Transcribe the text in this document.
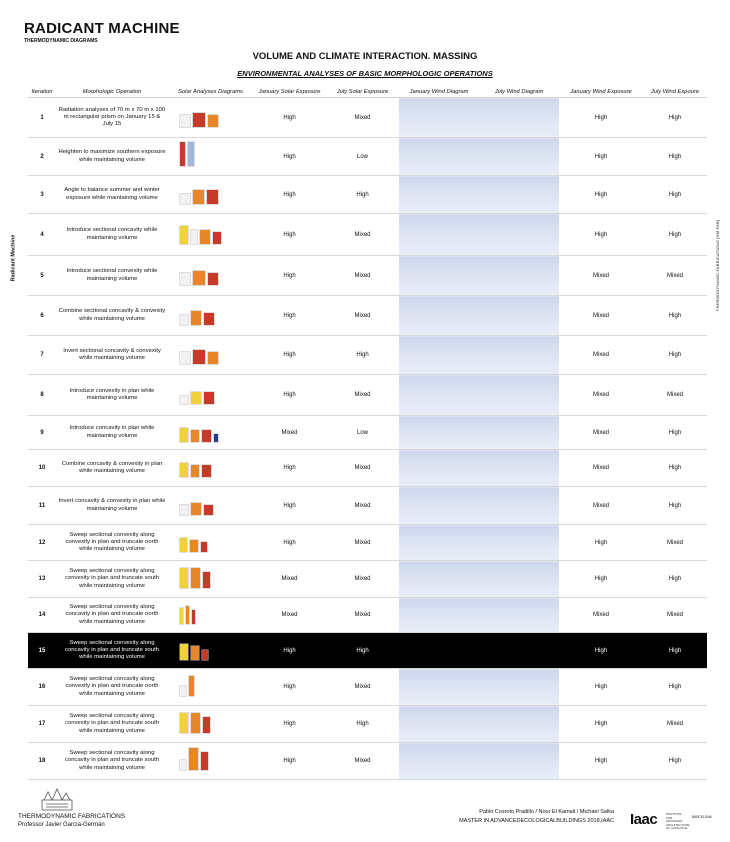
RADICANT MACHINE
THERMODYNAMIC DIAGRAMS
VOLUME AND CLIMATE INTERACTION. MASSING
ENVIRONMENTAL ANALYSES OF BASIC MORPHOLOGIC OPERATIONS
Radicant Machine	THERMODYNAMIC FABRICATIONS [HM·FAB]
Iteration	Morphologic Operation	Solar Analyses Diagrams	January Solar Exposure	July Solar Exposure	January Wind Diagram	July Wind Diagram	January Wind Exposure	July Wind Expoure
1	Radiation analyses of 70 m x 70 m x 100 m rectangular prism on January 15 & July 15		High	Mixed			High	High
2	Heighten to maximize southern exposure while maintaining volume		High	Low			High	High
3	Angle to balance summer and winter exposure while maintaining volume		High	High			High	High
4	Introduce sectional concavity while maintaining volume		High	Mixed			High	High
5	Introduce sectional convexity while maintaining volume		High	Mixed			Mixed	Mixed
6	Combine sectional concavity & convexity while maintaining volume		High	Mixed			Mixed	High
7	Invert sectional concavity & convexity while maintaining volume		High	High			Mixed	High
8	Introduce convexity in plan while maintaining volume		High	Mixed			Mixed	Mixed
9	Introduce concavity in plan while maintaining volume		Mixed	Low			Mixed	High
10	Combine concavity & convexity in plan while maintaining volume		High	Mixed			Mixed	High
11	Invert concavity & convexity in plan while maintaining volume		High	Mixed			Mixed	High
12	Sweep sectional convexity along convexity in plan and truncate north while maintaining volume		High	Mixed			High	Mixed
13	Sweep sectional convexity along convexity in plan and truncate south while maintaining volume		Mixed	Mixed			High	High
14	Sweep sectional convexity along concavity in plan and truncate north while maintaining volume		Mixed	Mixed			Mixed	Mixed
15	Sweep sectional convexity along concavity in plan and truncate south while maintaining volume		High	High			High	High
16	Sweep sectional concavity along convexity in plan and truncate north while maintaining volume		High	Mixed			High	High
17	Sweep sectional concavity along convexity in plan and truncate south while maintaining volume		High	High			High	Mixed
18	Sweep sectional concavity along concavity in plan and truncate south while maintaining volume		High	Mixed			High	High
THERMODYNAMIC FABRICATIONS
Professor Javier García-Germán
Pablo Cosroto Pradillo / Nour El Kamali / Michael Salka
MASTER IN ADVANCEDECOLOGICALBUILDINGS 2018,IAAC Iaac	INSTITUTE FOR ADVANCED ARCHITECTURE OF CATALONIA
BARCELONA
